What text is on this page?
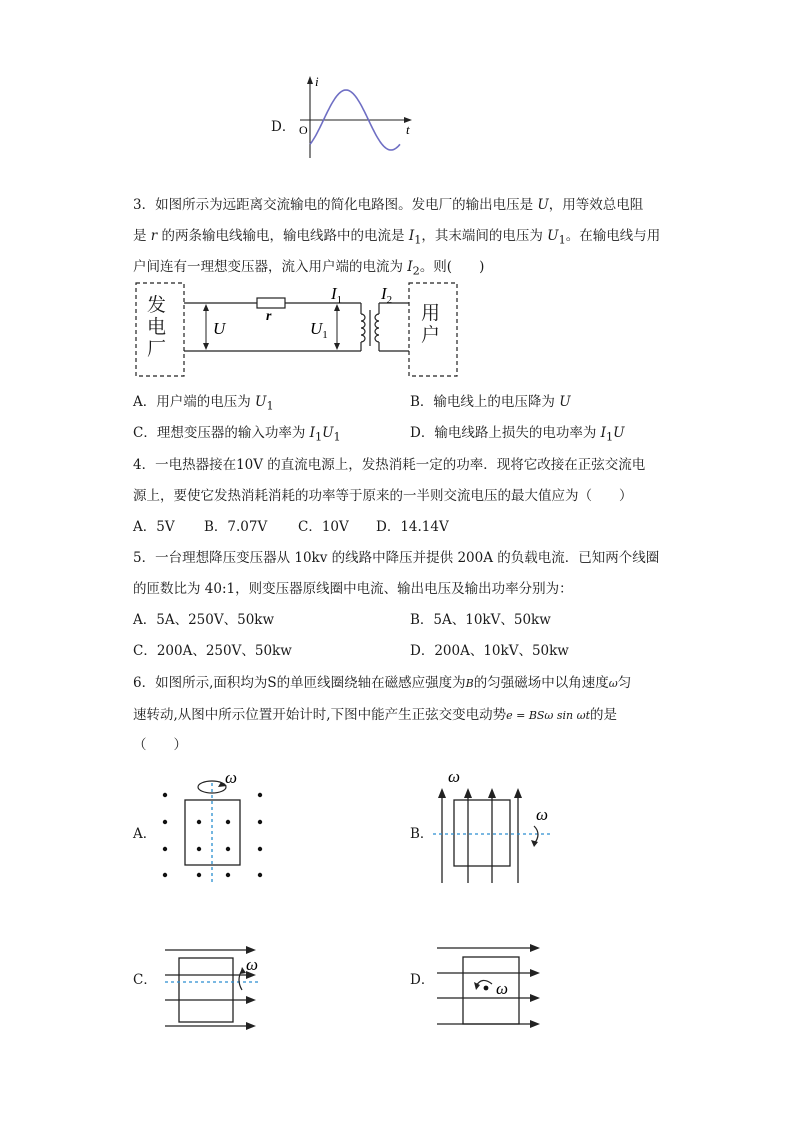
D．
i
t
O
3．如图所示为远距离交流输电的简化电路图。发电厂的输出电压是 U，用等效总电阻
是 r 的两条输电线输电，输电线路中的电流是 $I_1$，其末端间的电压为 $U_1$。在输电线与用
户间连有一理想变压器，流入用户端的电流为 $I_2$。则(　　)
U
r
$U_1$
$I_1$ $I_2$
发电厂
用户
A．用户端的电压为 $U_1$	B．输电线上的电压降为 U
C．理想变压器的输入功率为 $I_1U_1$	D．输电线路上损失的电功率为 $I_1U$
4．一电热器接在10V 的直流电源上，发热消耗一定的功率．现将它改接在正弦交流电
源上，要使它发热消耗消耗的功率等于原来的一半则交流电压的最大值应为（　　）
A．5V B．7.07V C．10V D．14.14V
5．一台理想降压变压器从 10kv 的线路中降压并提供 200A 的负载电流．已知两个线圈
的匝数比为 40:1，则变压器原线圈中电流、输出电压及输出功率分别为：
A．5A、250V、50kw	B．5A、10kV、50kw
C．200A、250V、50kw	D．200A、10kV、50kw
6．如图所示,面积均为S的单匝线圈绕轴在磁感应强度为B的匀强磁场中以角速度ω匀
速转动,从图中所示位置开始计时,下图中能产生正弦交变电动势e = BSω sin ωt的是
（　　）
A．
ω
B．
ω
ω
C．
ω
D．	ω
